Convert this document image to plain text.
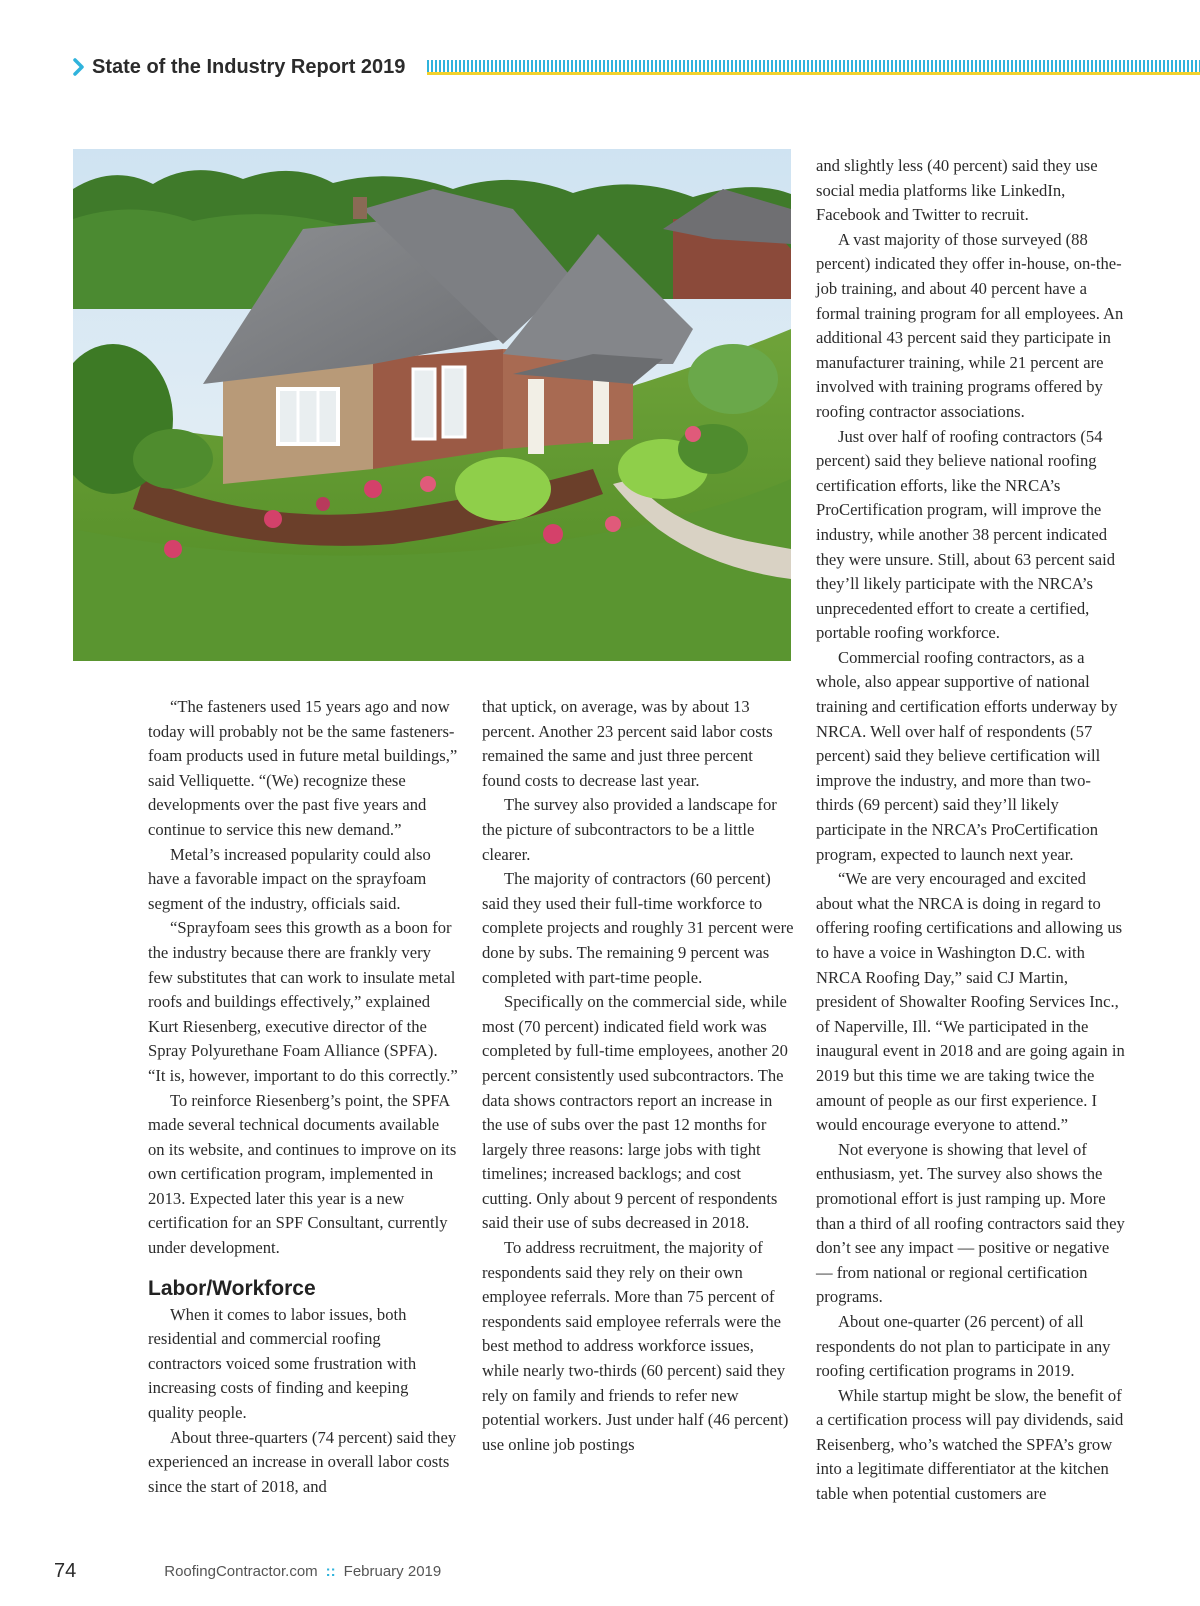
State of the Industry Report 2019

“The fasteners used 15 years ago and now today will probably not be the same fasteners-foam products used in future metal buildings,” said Velliquette. “(We) recognize these developments over the past five years and continue to service this new demand.”

Metal’s increased popularity could also have a favorable impact on the sprayfoam segment of the industry, officials said.

“Sprayfoam sees this growth as a boon for the industry because there are frankly very few substitutes that can work to insulate metal roofs and buildings effectively,” explained Kurt Riesenberg, executive director of the Spray Polyurethane Foam Alliance (SPFA). “It is, however, important to do this correctly.”

To reinforce Riesenberg’s point, the SPFA made several technical documents available on its website, and continues to improve on its own certification program, implemented in 2013. Expected later this year is a new certification for an SPF Consultant, currently under development.

Labor/Workforce

When it comes to labor issues, both residential and commercial roofing contractors voiced some frustration with increasing costs of finding and keeping quality people.

About three-quarters (74 percent) said they experienced an increase in overall labor costs since the start of 2018, and

that uptick, on average, was by about 13 percent. Another 23 percent said labor costs remained the same and just three percent found costs to decrease last year.

The survey also provided a landscape for the picture of subcontractors to be a little clearer.

The majority of contractors (60 percent) said they used their full-time workforce to complete projects and roughly 31 percent were done by subs. The remaining 9 percent was completed with part-time people.

Specifically on the commercial side, while most (70 percent) indicated field work was completed by full-time employees, another 20 percent consistently used subcontractors. The data shows contractors report an increase in the use of subs over the past 12 months for largely three reasons: large jobs with tight timelines; increased backlogs; and cost cutting. Only about 9 percent of respondents said their use of subs decreased in 2018.

To address recruitment, the majority of respondents said they rely on their own employee referrals. More than 75 percent of respondents said employee referrals were the best method to address workforce issues, while nearly two-thirds (60 percent) said they rely on family and friends to refer new potential workers. Just under half (46 percent) use online job postings

and slightly less (40 percent) said they use social media platforms like LinkedIn, Facebook and Twitter to recruit.

A vast majority of those surveyed (88 percent) indicated they offer in-house, on-the-job training, and about 40 percent have a formal training program for all employees. An additional 43 percent said they participate in manufacturer training, while 21 percent are involved with training programs offered by roofing contractor associations.

Just over half of roofing contractors (54 percent) said they believe national roofing certification efforts, like the NRCA’s ProCertification program, will improve the industry, while another 38 percent indicated they were unsure. Still, about 63 percent said they’ll likely participate with the NRCA’s unprecedented effort to create a certified, portable roofing workforce.

Commercial roofing contractors, as a whole, also appear supportive of national training and certification efforts underway by NRCA. Well over half of respondents (57 percent) said they believe certification will improve the industry, and more than two-thirds (69 percent) said they’ll likely participate in the NRCA’s ProCertification program, expected to launch next year.

“We are very encouraged and excited about what the NRCA is doing in regard to offering roofing certifications and allowing us to have a voice in Washington D.C. with NRCA Roofing Day,” said CJ Martin, president of Showalter Roofing Services Inc., of Naperville, Ill. “We participated in the inaugural event in 2018 and are going again in 2019 but this time we are taking twice the amount of people as our first experience. I would encourage everyone to attend.”

Not everyone is showing that level of enthusiasm, yet. The survey also shows the promotional effort is just ramping up. More than a third of all roofing contractors said they don’t see any impact — positive or negative — from national or regional certification programs.

About one-quarter (26 percent) of all respondents do not plan to participate in any roofing certification programs in 2019.

While startup might be slow, the benefit of a certification process will pay dividends, said Reisenberg, who’s watched the SPFA’s grow into a legitimate differentiator at the kitchen table when potential customers are

74	RoofingContractor.com :: February 2019
